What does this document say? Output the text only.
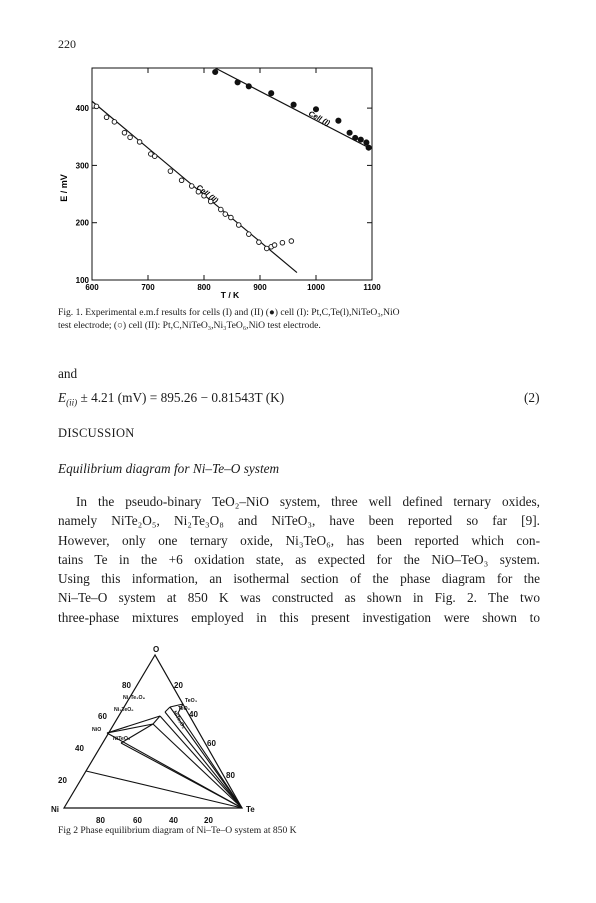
220
600	700	800	900	1000	1100
100
200
300
400
E / mV
T / K
Cell (I)
Cell (II)
Fig. 1. Experimental e.m.f results for cells (I) and (II) (●) cell (I): Pt,C,Te(l),NiTeO₃,NiO
test electrode; (○) cell (II): Pt,C,NiTeO₃,Ni₃TeO₆,NiO test electrode.
and
$E_{(ii)} \pm 4.21$ (mV) = 895.26 − 0.81543T (K)	(2)
DISCUSSION
Equilibrium diagram for Ni–Te–O system
In the pseudo-binary TeO₂–NiO system, three well defined ternary oxides,
namely NiTe₂O₅, Ni₂Te₃O₈ and NiTeO₃, have been reported so far [9].
However, only one ternary oxide, Ni₃TeO₆, has been reported which con-
tains Te in the +6 oxidation state, as expected for the NiO–TeO₃ system.
Using this information, an isothermal section of the phase diagram for the
Ni–Te–O system at 850 K was constructed as shown in Fig. 2. The two
three-phase mixtures employed in this present investigation were shown to
O
Ni	Te
80
60
40
20
20
40
60
80
80	60	40	20
Ni₂Te₃O₈
Ni₃TeO₆
NiTeO₃
NiO
TeO₃
TeO₂
NiTe₂O₅
Fig 2 Phase equilibrium diagram of Ni–Te–O system at 850 K
